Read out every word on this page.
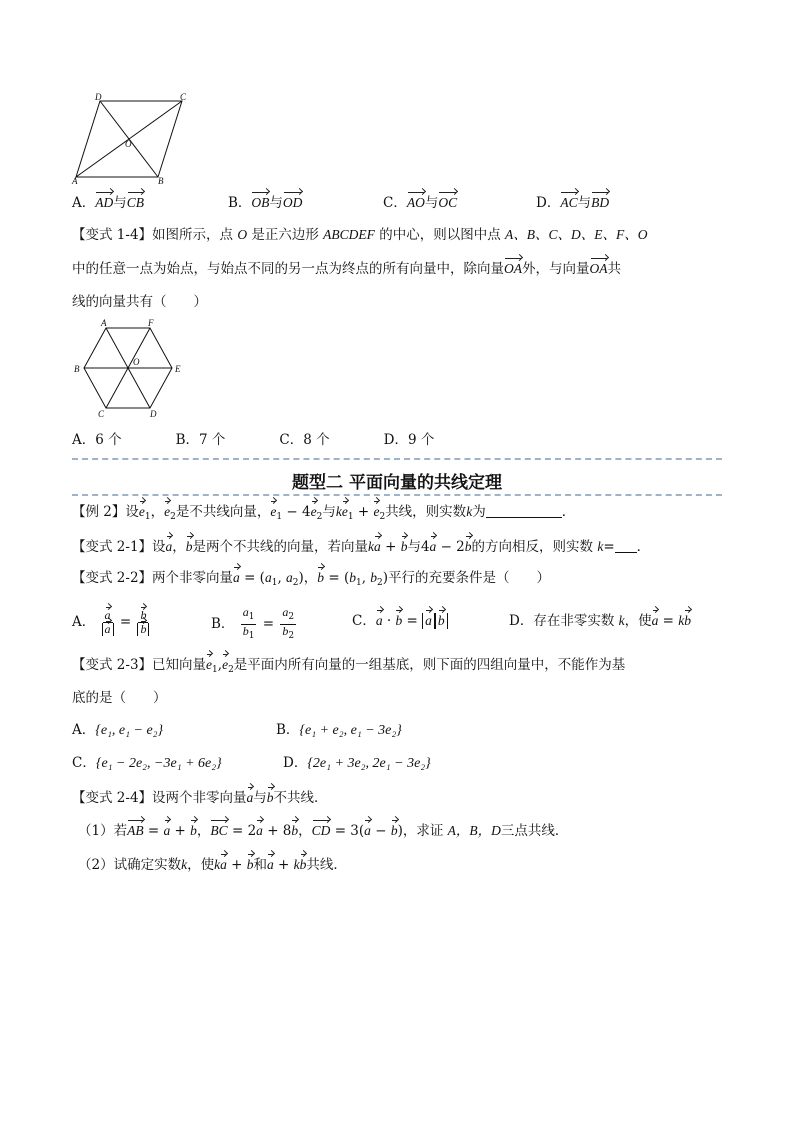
D	C
O
A	B
A．AD与CB	B．OB与OD	C．AO与OC	D．AC与BD
【变式 1-4】如图所示，点 O 是正六边形 ABCDEF 的中心，则以图中点 A、B、C、D、E、F、O
中的任意一点为始点，与始点不同的另一点为终点的所有向量中，除向量OA外，与向量OA共
线的向量共有（　　）
A	F
B
O
E
C	D
A．6 个　　　　B．7 个　　　　C．8 个　　　　D．9 个
题型二 平面向量的共线定理
【例 2】设$e_1$，$e_2$是不共线向量，$e_1 - 4e_2$与$ke_1 + e_2$共线，则实数k为	．
【变式 2-1】设a，b是两个不共线的向量，若向量ka + b与4a − 2b的方向相反，则实数 k= ．
【变式 2-2】两个非零向量$a = (a_1$, $a_2$)，$b = (b_1$, $b_2$)平行的充要条件是（　　）
A． $\frac{a}{a} = \frac{b}{b}$	B． $\frac{a_1}{b_1} = \frac{a_2}{b_2}$	C．a · b = a b	D．存在非零实数 k，使a = kb
【变式 2-3】已知向量$e_1,e_2$是平面内所有向量的一组基底，则下面的四组向量中，不能作为基
底的是（　　）
A．{e₁, e₁ − e₂}	B．{e₁ + e₂, e₁ − 3e₂}
C．{e₁ − 2e₂, −3e₁ + 6e₂}	D．{2e₁ + 3e₂, 2e₁ − 3e₂}
【变式 2-4】设两个非零向量a与b不共线．
（1）若AB = a + b，BC = 2a + 8b，CD = 3(a − b)，求证 A，B，D三点共线．
（2）试确定实数k，使ka + b和a + kb共线．
